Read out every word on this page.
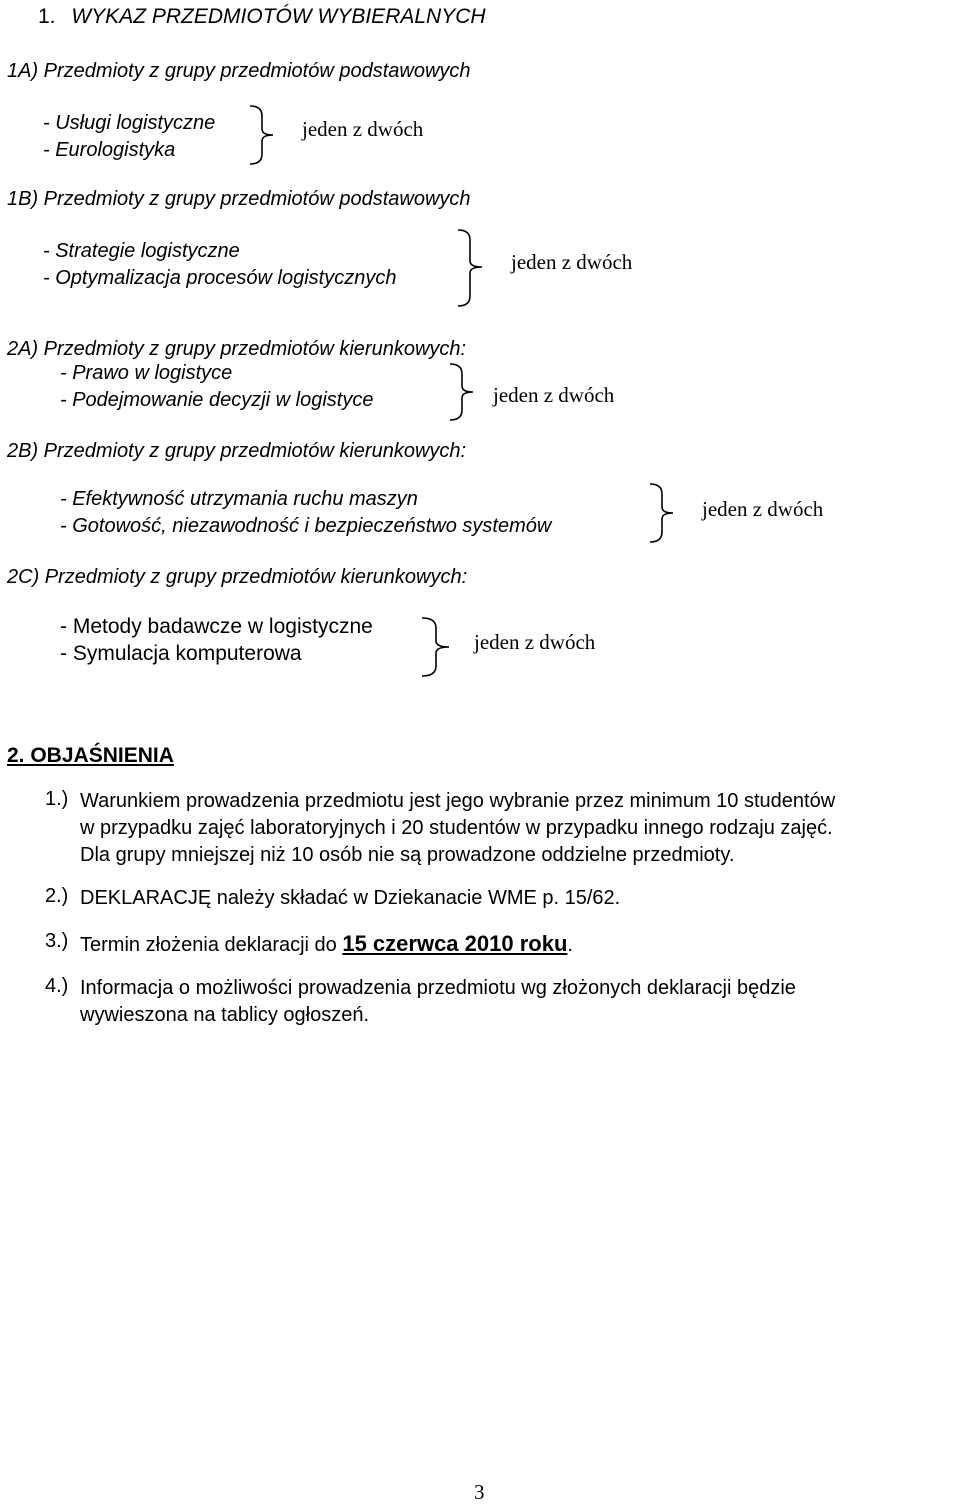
1. WYKAZ PRZEDMIOTÓW WYBIERALNYCH
1A) Przedmioty z grupy przedmiotów podstawowych
- Usługi logistyczne
- Eurologistyka
jeden z dwóch
1B) Przedmioty z grupy przedmiotów podstawowych
- Strategie logistyczne
- Optymalizacja procesów logistycznych
jeden z dwóch
2A) Przedmioty z grupy przedmiotów kierunkowych:
- Prawo w logistyce
- Podejmowanie decyzji w logistyce	jeden z dwóch
2B) Przedmioty z grupy przedmiotów kierunkowych:
- Efektywność utrzymania ruchu maszyn
- Gotowość, niezawodność i bezpieczeństwo systemów
jeden z dwóch
2C) Przedmioty z grupy przedmiotów kierunkowych:
- Metody badawcze w logistyczne
- Symulacja komputerowa	jeden z dwóch
2. OBJAŚNIENIA
1.) Warunkiem prowadzenia przedmiotu jest jego wybranie przez minimum 10 studentów
w przypadku zajęć laboratoryjnych i 20 studentów w przypadku innego rodzaju zajęć.
Dla grupy mniejszej niż 10 osób nie są prowadzone oddzielne przedmioty.
2.) DEKLARACJĘ należy składać w Dziekanacie WME p. 15/62.
3.) Termin złożenia deklaracji do 15 czerwca 2010 roku.
4.) Informacja o możliwości prowadzenia przedmiotu wg złożonych deklaracji będzie
wywieszona na tablicy ogłoszeń.
3
